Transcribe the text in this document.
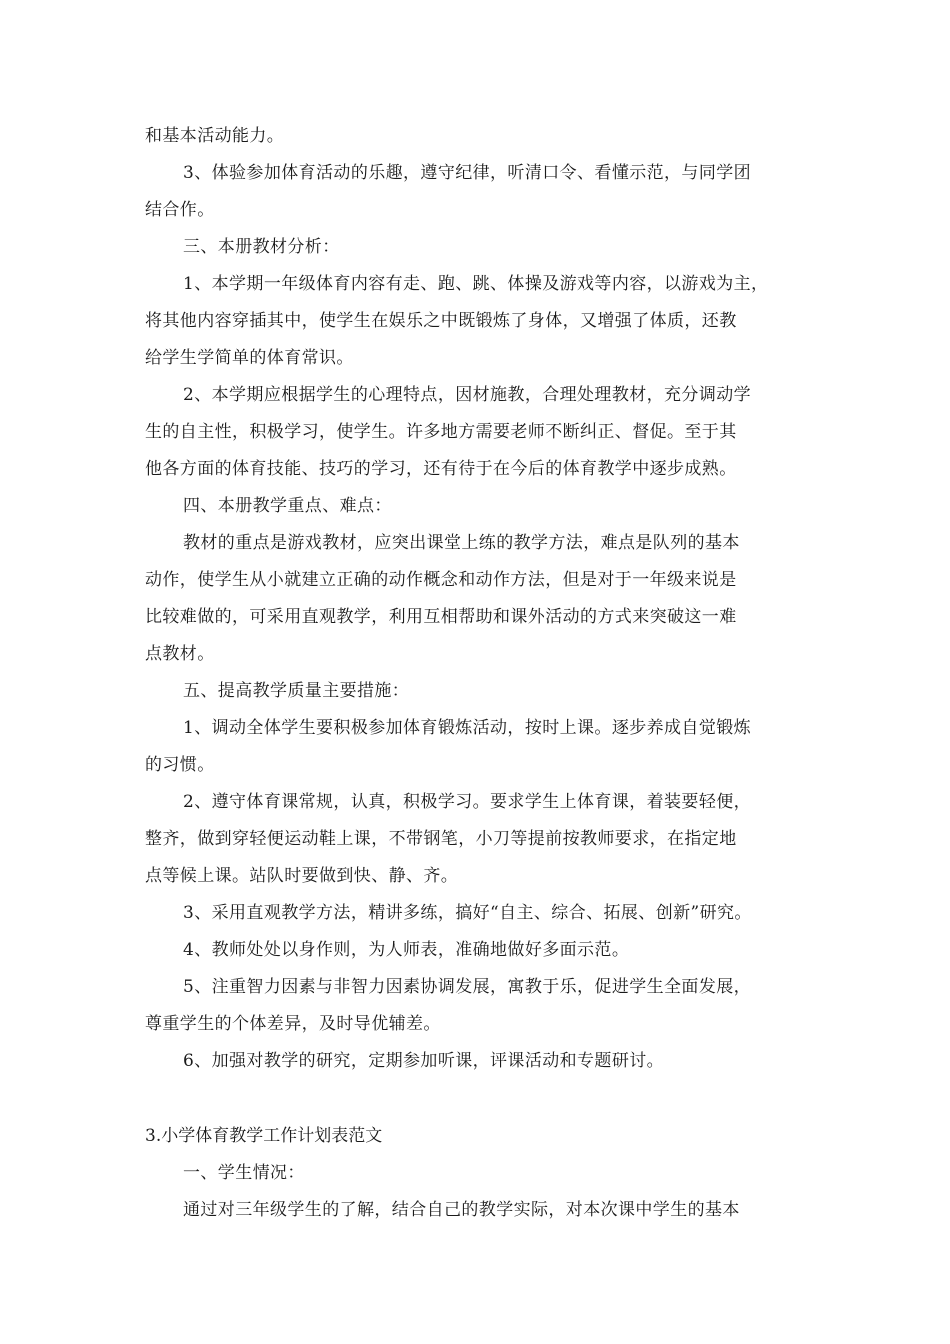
和基本活动能力。
3、体验参加体育活动的乐趣，遵守纪律，听清口令、看懂示范，与同学团
结合作。
三、本册教材分析：
1、本学期一年级体育内容有走、跑、跳、体操及游戏等内容，以游戏为主，
将其他内容穿插其中，使学生在娱乐之中既锻炼了身体，又增强了体质，还教
给学生学简单的体育常识。
2、本学期应根据学生的心理特点，因材施教，合理处理教材，充分调动学
生的自主性，积极学习，使学生。许多地方需要老师不断纠正、督促。至于其
他各方面的体育技能、技巧的学习，还有待于在今后的体育教学中逐步成熟。
四、本册教学重点、难点：
教材的重点是游戏教材，应突出课堂上练的教学方法，难点是队列的基本
动作，使学生从小就建立正确的动作概念和动作方法，但是对于一年级来说是
比较难做的，可采用直观教学，利用互相帮助和课外活动的方式来突破这一难
点教材。
五、提高教学质量主要措施：
1、调动全体学生要积极参加体育锻炼活动，按时上课。逐步养成自觉锻炼
的习惯。
2、遵守体育课常规，认真，积极学习。要求学生上体育课，着装要轻便，
整齐，做到穿轻便运动鞋上课，不带钢笔，小刀等提前按教师要求，在指定地
点等候上课。站队时要做到快、静、齐。
3、采用直观教学方法，精讲多练，搞好“自主、综合、拓展、创新”研究。
4、教师处处以身作则，为人师表，准确地做好多面示范。
5、注重智力因素与非智力因素协调发展，寓教于乐，促进学生全面发展，
尊重学生的个体差异，及时导优辅差。
6、加强对教学的研究，定期参加听课，评课活动和专题研讨。
3.小学体育教学工作计划表范文
一、学生情况：
通过对三年级学生的了解，结合自己的教学实际，对本次课中学生的基本
